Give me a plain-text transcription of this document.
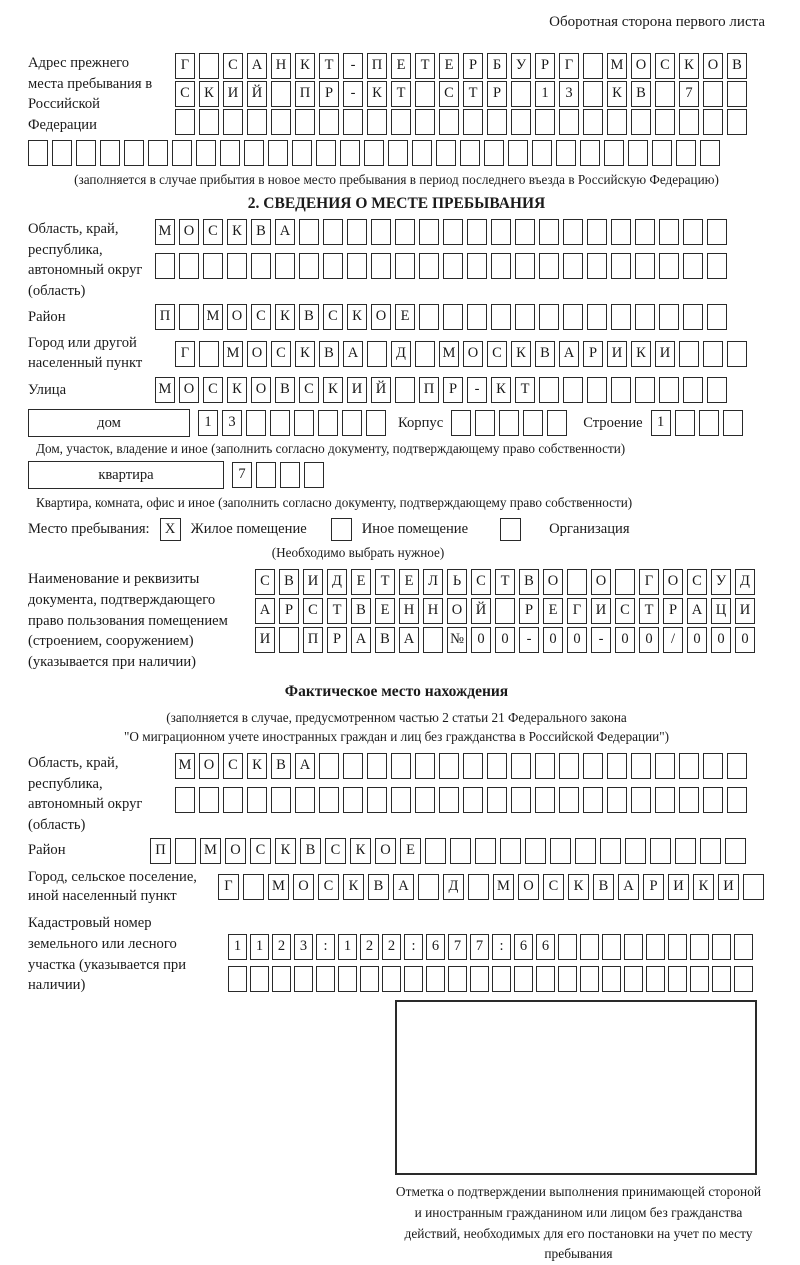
Оборотная сторона первого листа
Адрес прежнего места пребывания в Российской Федерации
Г	С А Н К	Т	-	П Е	Т	Е	Р	Б	У	Р	Г	М О С К О В
С К И Й	П	Р	-	К	Т	С	Т	Р	1	3	К В	7
(заполняется в случае прибытия в новое место пребывания в период последнего въезда в Российскую Федерацию)
2. СВЕДЕНИЯ О МЕСТЕ ПРЕБЫВАНИЯ
Область, край, республика, автономный округ (область)
М О С К В А
Район	П	М О С К В С К О Е
Город или другой населенный пункт
Г	М О С К В А	Д	М О С К В А	Р	И К И
Улица	М О С К О В С К И Й	П	Р	-	К	Т
дом	1	3	Корпус	Строение 1
Дом, участок, владение и иное (заполнить согласно документу, подтверждающему право собственности)
квартира	7
Квартира, комната, офис и иное (заполнить согласно документу, подтверждающему право собственности)
Место пребывания:	X	Жилое помещение	Иное помещение	Организация
(Необходимо выбрать нужное)
Наименование и реквизиты документа, подтверждающего право пользования помещением (строением, сооружением) (указывается при наличии)
С В И Д	Е	Т	Е	Л	Ь	С	Т	В О	О	Г	О С У Д
А	Р	С	Т	В	Е Н Н О Й	Р	Е	Г	И С	Т	Р	А Ц И
И	П	Р	А В А	№ 0	0	-	0	0	-	0	0	/	0	0	0
Фактическое место нахождения
(заполняется в случае, предусмотренном частью 2 статьи 21 Федерального закона
"О миграционном учете иностранных граждан и лиц без гражданства в Российской Федерации")
Область, край, республика, автономный округ (область)
М О С К В А
Район	П	М О	С	К	В	С	К	О	Е
Город, сельское поселение, иной населенный пункт
Г	М О	С	К	В	А	Д	М О	С	К	В	А	Р	И	К	И
Кадастровый номер земельного или лесного участка (указывается при наличии)
1	1	2	3	:	1	2	2	:	6	7	7	:	6	6
Отметка о подтверждении выполнения принимающей стороной и иностранным гражданином или лицом без гражданства действий, необходимых для его постановки на учет по месту пребывания
